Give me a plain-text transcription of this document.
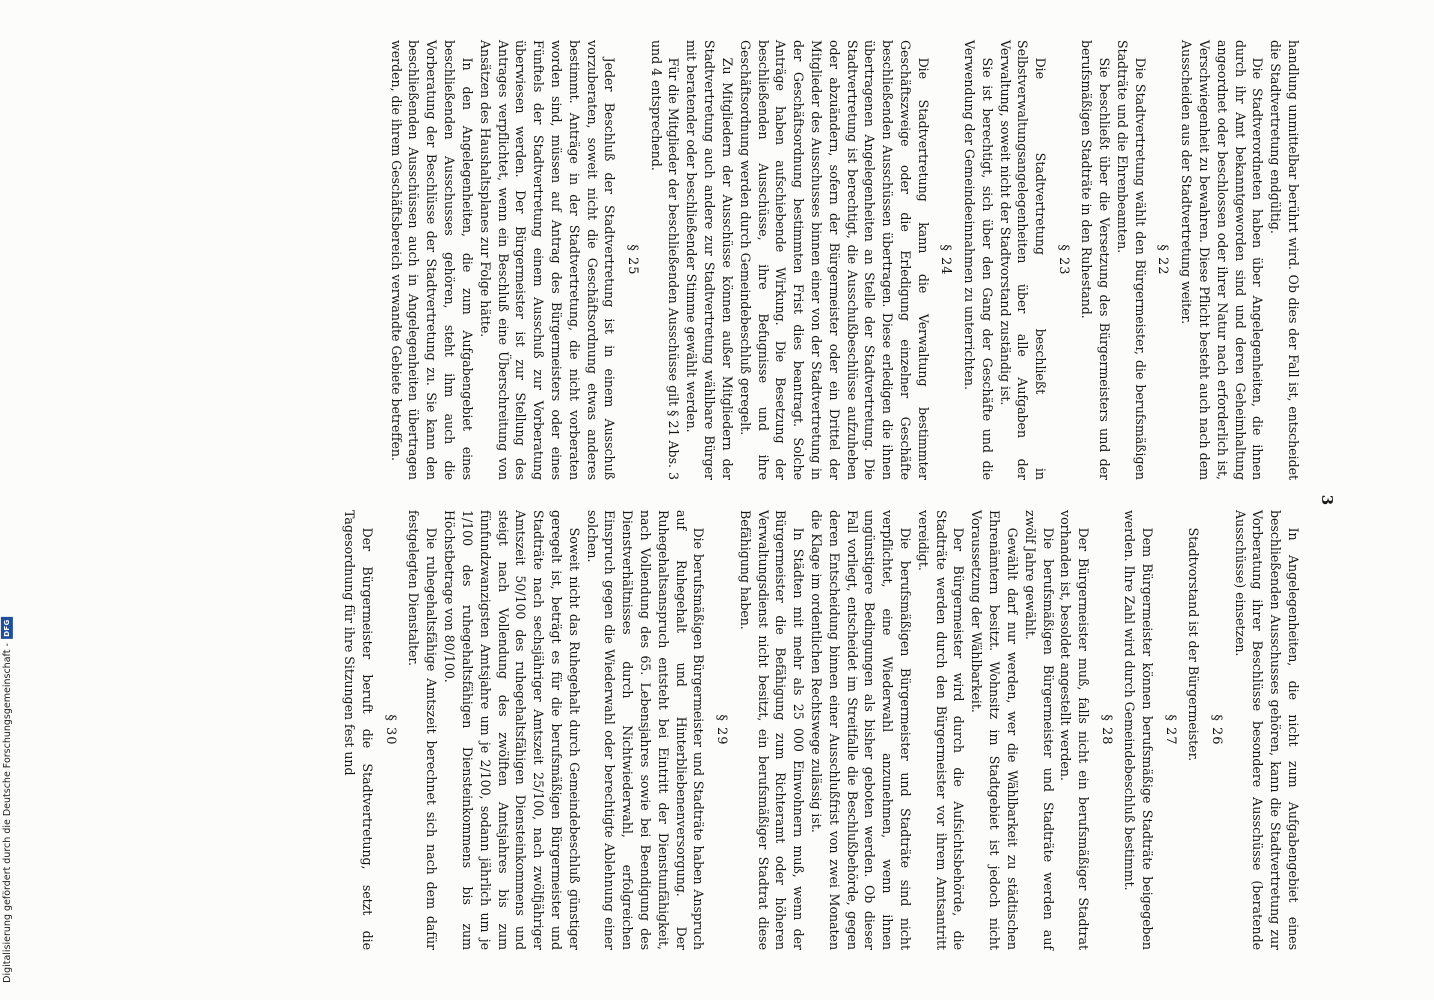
Digitalisierung gefördert durch die Deutsche Forschungsgemeinschaft -
DFG
3

handlung unmittelbar berührt wird. Ob dies der Fall ist, entscheidet die Stadtvertretung endgültig.

Die Stadtverordneten haben über Angelegenheiten, die ihnen durch ihr Amt bekanntgeworden sind und deren Geheimhaltung angeordnet oder beschlossen oder ihrer Natur nach erforderlich ist, Verschwiegenheit zu bewahren. Diese Pflicht besteht auch nach dem Ausscheiden aus der Stadtvertretung weiter.

§ 22

Die Stadtvertretung wählt den Bürgermeister, die berufsmäßigen Stadträte und die Ehrenbeamten.

Sie beschließt über die Versetzung des Bürgermeisters und der berufsmäßigen Stadträte in den Ruhestand.

§ 23

Die Stadtvertretung beschließt in Selbstverwaltungsangelegenheiten über alle Aufgaben der Verwaltung, soweit nicht der Stadtvorstand zuständig ist.

Sie ist berechtigt, sich über den Gang der Geschäfte und die Verwendung der Gemeindeeinnahmen zu unterrichten.

§ 24

Die Stadtvertretung kann die Verwaltung bestimmter Geschäftszweige oder die Erledigung einzelner Geschäfte beschließenden Ausschüssen übertragen. Diese erledigen die ihnen übertragenen Angelegenheiten an Stelle der Stadtvertretung. Die Stadtvertretung ist berechtigt, die Ausschußbeschlüsse aufzuheben oder abzuändern, sofern der Bürgermeister oder ein Drittel der Mitglieder des Ausschusses binnen einer von der Stadtvertretung in der Geschäftsordnung bestimmten Frist dies beantragt. Solche Anträge haben aufschiebende Wirkung. Die Besetzung der beschließenden Ausschüsse, ihre Befugnisse und ihre Geschäftsordnung werden durch Gemeindebeschluß geregelt.

Zu Mitgliedern der Ausschüsse können außer Mitgliedern der Stadtvertretung auch andere zur Stadtvertretung wählbare Bürger mit beratender oder beschließender Stimme gewählt werden.

Für die Mitglieder der beschließenden Ausschüsse gilt § 21 Abs. 3 und 4 entsprechend.

§ 25

Jeder Beschluß der Stadtvertretung ist in einem Ausschuß vorzuberaten, soweit nicht die Geschäftsordnung etwas anderes bestimmt. Anträge in der Stadtvertretung, die nicht vorberaten worden sind, müssen auf Antrag des Bürgermeisters oder eines Fünftels der Stadtvertretung einem Ausschuß zur Vorberatung überwiesen werden. Der Bürgermeister ist zur Stellung des Antrages verpflichtet, wenn ein Beschluß eine Überschreitung von Ansätzen des Haushaltsplanes zur Folge hätte.

In den Angelegenheiten, die zum Aufgabengebiet eines beschließenden Ausschusses gehören, steht ihm auch die Vorberatung der Beschlüsse der Stadtvertretung zu. Sie kann den beschließenden Ausschüssen auch in Angelegenheiten übertragen werden, die ihrem Geschäftsbereich verwandte Gebiete betreffen.

In Angelegenheiten, die nicht zum Aufgabengebiet eines beschließenden Ausschusses gehören, kann die Stadtvertretung zur Vorberatung ihrer Beschlüsse besondere Ausschüsse (beratende Ausschüsse) einsetzen.

§ 26

Stadtvorstand ist der Bürgermeister.

§ 27

Dem Bürgermeister können berufsmäßige Stadträte beigegeben werden. Ihre Zahl wird durch Gemeindebeschluß bestimmt.

§ 28

Der Bürgermeister muß, falls nicht ein berufsmäßiger Stadtrat vorhanden ist, besoldet angestellt werden.

Die berufsmäßigen Bürgermeister und Stadträte werden auf zwölf Jahre gewählt.

Gewählt darf nur werden, wer die Wählbarkeit zu städtischen Ehrenämtern besitzt. Wohnsitz im Stadtgebiet ist jedoch nicht Voraussetzung der Wählbarkeit.

Der Bürgermeister wird durch die Aufsichtsbehörde, die Stadträte werden durch den Bürgermeister vor ihrem Amtsantritt vereidigt.

Die berufsmäßigen Bürgermeister und Stadträte sind nicht verpflichtet, eine Wiederwahl anzunehmen, wenn ihnen ungünstigere Bedingungen als bisher geboten werden. Ob dieser Fall vorliegt, entscheidet im Streitfalle die Beschlußbehörde, gegen deren Entscheidung binnen einer Ausschlußfrist von zwei Monaten die Klage im ordentlichen Rechtswege zulässig ist.

In Städten mit mehr als 25 000 Einwohnern muß, wenn der Bürgermeister die Befähigung zum Richteramt oder höheren Verwaltungsdienst nicht besitzt, ein berufsmäßiger Stadtrat diese Befähigung haben.

§ 29

Die berufsmäßigen Bürgermeister und Stadträte haben Anspruch auf Ruhegehalt und Hinterbliebenenversorgung. Der Ruhegehaltsanspruch entsteht bei Eintritt der Dienstunfähigkeit, nach Vollendung des 65. Lebensjahres sowie bei Beendigung des Dienstverhältnisses durch Nichtwiederwahl, erfolgreichen Einspruch gegen die Wiederwahl oder berechtigte Ablehnung einer solchen.

Soweit nicht das Ruhegehalt durch Gemeindebeschluß günstiger geregelt ist, beträgt es für die berufsmäßigen Bürgermeister und Stadträte nach sechsjähriger Amtszeit 25/100, nach zwölfjähriger Amtszeit 50/100 des ruhegehaltsfähigen Diensteinkommens und steigt nach Vollendung des zwölften Amtsjahres bis zum fünfundzwanzigsten Amtsjahre um je 2/100, sodann jährlich um je 1/100 des ruhegehaltsfähigen Diensteinkommens bis zum Höchstbetrage von 80/100.

Die ruhegehaltsfähige Amtszeit berechnet sich nach dem dafür festgelegten Dienstalter.

§ 30

Der Bürgermeister beruft die Stadtvertretung, setzt die Tagesordnung für ihre Sitzungen fest und
